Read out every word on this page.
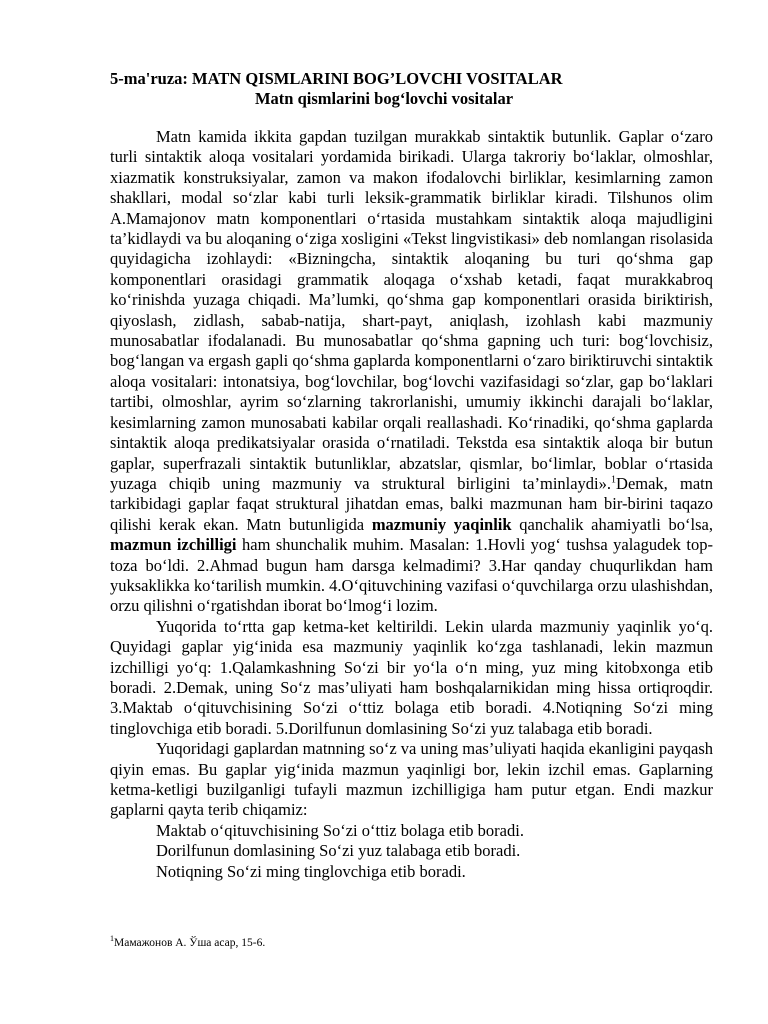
5-ma'ruza: MATN QISMLARINI BOG’LOVCHI VOSITALAR
Matn qismlarini bog‘lovchi vositalar

Matn kamida ikkita gapdan tuzilgan murakkab sintaktik butunlik. Gaplar o‘zaro turli sintaktik aloqa vositalari yordamida birikadi. Ularga takroriy bo‘laklar, olmoshlar, xiazmatik konstruksiyalar, zamon va makon ifodalovchi birliklar, kesimlarning zamon shakllari, modal so‘zlar kabi turli leksik-grammatik birliklar kiradi. Tilshunos olim A.Mamajonov matn komponentlari o‘rtasida mustahkam sintaktik aloqa majudligini ta’kidlaydi va bu aloqaning o‘ziga xosligini «Tekst lingvistikasi» deb nomlangan risolasida quyidagicha izohlaydi: «Bizningcha, sintaktik aloqaning bu turi qo‘shma gap komponentlari orasidagi grammatik aloqaga o‘xshab ketadi, faqat murakkabroq ko‘rinishda yuzaga chiqadi. Ma’lumki, qo‘shma gap komponentlari orasida biriktirish, qiyoslash, zidlash, sabab-natija, shart-payt, aniqlash, izohlash kabi mazmuniy munosabatlar ifodalanadi. Bu munosabatlar qo‘shma gapning uch turi: bog‘lovchisiz, bog‘langan va ergash gapli qo‘shma gaplarda komponentlarni o‘zaro biriktiruvchi sintaktik aloqa vositalari: intonatsiya, bog‘lovchilar, bog‘lovchi vazifasidagi so‘zlar, gap bo‘laklari tartibi, olmoshlar, ayrim so‘zlarning takrorlanishi, umumiy ikkinchi darajali bo‘laklar, kesimlarning zamon munosabati kabilar orqali reallashadi. Ko‘rinadiki, qo‘shma gaplarda sintaktik aloqa predikatsiyalar orasida o‘rnatiladi. Tekstda esa sintaktik aloqa bir butun gaplar, superfrazali sintaktik butunliklar, abzatslar, qismlar, bo‘limlar, boblar o‘rtasida yuzaga chiqib uning mazmuniy va struktural birligini ta’minlaydi».$^1$Demak, matn tarkibidagi gaplar faqat struktural jihatdan emas, balki mazmunan ham bir-birini taqazo qilishi kerak ekan. Matn butunligida mazmuniy yaqinlik qanchalik ahamiyatli bo‘lsa, mazmun izchilligi ham shunchalik muhim. Masalan: 1.Hovli yog‘ tushsa yalagudek top-toza bo‘ldi. 2.Ahmad bugun ham darsga kelmadimi? 3.Har qanday chuqurlikdan ham yuksaklikka ko‘tarilish mumkin. 4.O‘qituvchining vazifasi o‘quvchilarga orzu ulashishdan, orzu qilishni o‘rgatishdan iborat bo‘lmog‘i lozim.

Yuqorida to‘rtta gap ketma-ket keltirildi. Lekin ularda mazmuniy yaqinlik yo‘q. Quyidagi gaplar yig‘inida esa mazmuniy yaqinlik ko‘zga tashlanadi, lekin mazmun izchilligi yo‘q: 1.Qalamkashning So‘zi bir yo‘la o‘n ming, yuz ming kitobxonga etib boradi. 2.Demak, uning So‘z mas’uliyati ham boshqalarnikidan ming hissa ortiqroqdir. 3.Maktab o‘qituvchisining So‘zi o‘ttiz bolaga etib boradi. 4.Notiqning So‘zi ming tinglovchiga etib boradi. 5.Dorilfunun domlasining So‘zi yuz talabaga etib boradi.

Yuqoridagi gaplardan matnning so‘z va uning mas’uliyati haqida ekanligini payqash qiyin emas. Bu gaplar yig‘inida mazmun yaqinligi bor, lekin izchil emas. Gaplarning ketma-ketligi buzilganligi tufayli mazmun izchilligiga ham putur etgan. Endi mazkur gaplarni qayta terib chiqamiz:

Maktab o‘qituvchisining So‘zi o‘ttiz bolaga etib boradi.

Dorilfunun domlasining So‘zi yuz talabaga etib boradi.

Notiqning So‘zi ming tinglovchiga etib boradi.

$^1$Мамажонов А. Ўша асар, 15-6.
